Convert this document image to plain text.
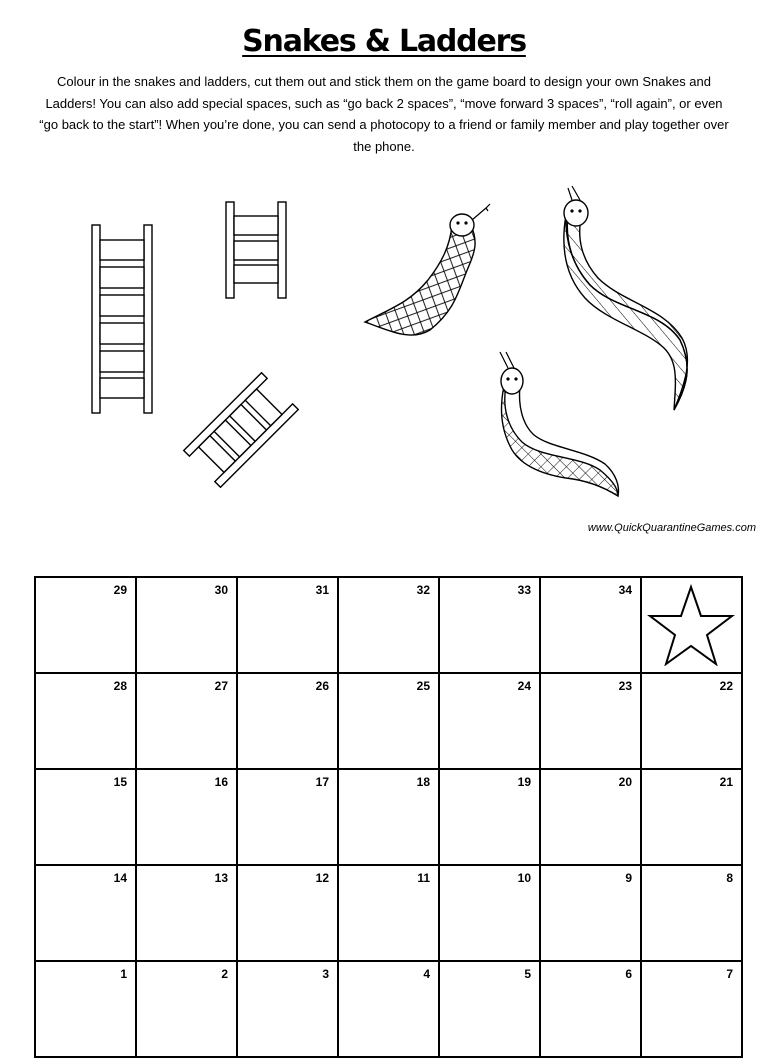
Snakes & Ladders
Colour in the snakes and ladders, cut them out and stick them on the game board to design your own Snakes and Ladders! You can also add special spaces, such as “go back 2 spaces”, “move forward 3 spaces”, “roll again”, or even “go back to the start”! When you’re done, you can send a photocopy to a friend or family member and play together over the phone.
www.QuickQuarantineGames.com
29	30	31	32	33	34

28	27	26	25	24	23	22

15	16	17	18	19	20	21

14	13	12	11	10	9	8

1	2	3	4	5	6	7
